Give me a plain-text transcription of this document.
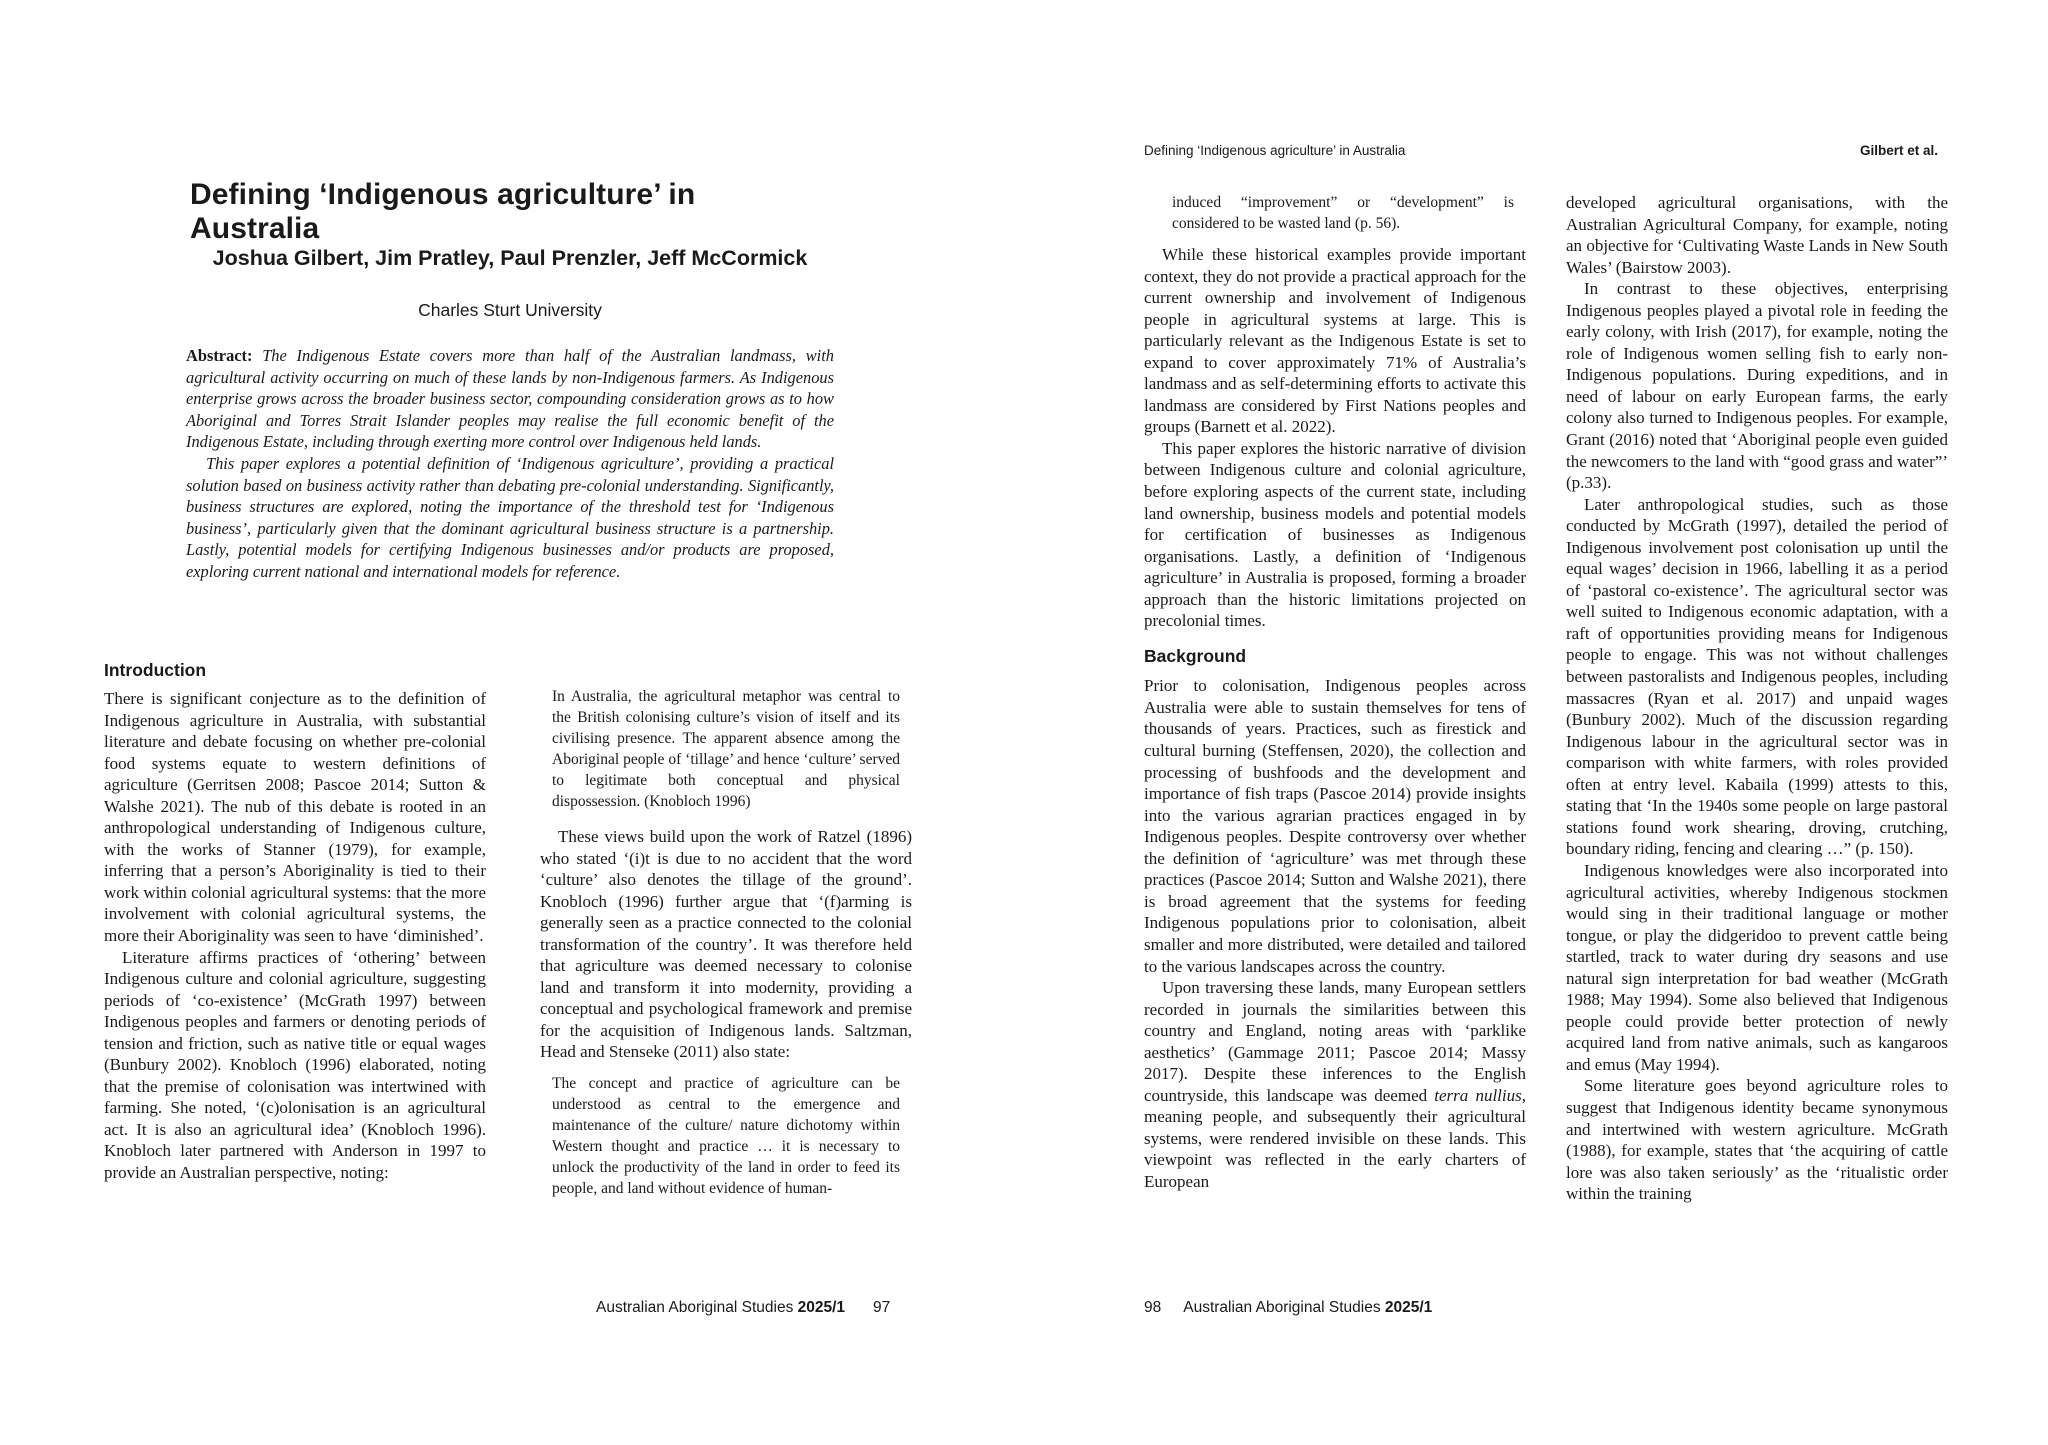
Defining ‘Indigenous agriculture’ in Australia
Joshua Gilbert, Jim Pratley, Paul Prenzler, Jeff McCormick
Charles Sturt University

Abstract: The Indigenous Estate covers more than half of the Australian landmass, with agricultural activity occurring on much of these lands by non-Indigenous farmers. As Indigenous enterprise grows across the broader business sector, compounding consideration grows as to how Aboriginal and Torres Strait Islander peoples may realise the full economic benefit of the Indigenous Estate, including through exerting more control over Indigenous held lands.

This paper explores a potential definition of ‘Indigenous agriculture’, providing a practical solution based on business activity rather than debating pre-colonial understanding. Significantly, business structures are explored, noting the importance of the threshold test for ‘Indigenous business’, particularly given that the dominant agricultural business structure is a partnership. Lastly, potential models for certifying Indigenous businesses and/or products are proposed, exploring current national and international models for reference.

Introduction

There is significant conjecture as to the definition of Indigenous agriculture in Australia, with substantial literature and debate focusing on whether pre-colonial food systems equate to western definitions of agriculture (Gerritsen 2008; Pascoe 2014; Sutton & Walshe 2021). The nub of this debate is rooted in an anthropological understanding of Indigenous culture, with the works of Stanner (1979), for example, inferring that a person’s Aboriginality is tied to their work within colonial agricultural systems: that the more involvement with colonial agricultural systems, the more their Aboriginality was seen to have ‘diminished’.

Literature affirms practices of ‘othering’ between Indigenous culture and colonial agriculture, suggesting periods of ‘co-existence’ (McGrath 1997) between Indigenous peoples and farmers or denoting periods of tension and friction, such as native title or equal wages (Bunbury 2002). Knobloch (1996) elaborated, noting that the premise of colonisation was intertwined with farming. She noted, ‘(c)olonisation is an agricultural act. It is also an agricultural idea’ (Knobloch 1996). Knobloch later partnered with Anderson in 1997 to provide an Australian perspective, noting:

In Australia, the agricultural metaphor was central to the British colonising culture’s vision of itself and its civilising presence. The apparent absence among the Aboriginal people of ‘tillage’ and hence ‘culture’ served to legitimate both conceptual and physical dispossession. (Knobloch 1996)

These views build upon the work of Ratzel (1896) who stated ‘(i)t is due to no accident that the word ‘culture’ also denotes the tillage of the ground’. Knobloch (1996) further argue that ‘(f)arming is generally seen as a practice connected to the colonial transformation of the country’. It was therefore held that agriculture was deemed necessary to colonise land and transform it into modernity, providing a conceptual and psychological framework and premise for the acquisition of Indigenous lands. Saltzman, Head and Stenseke (2011) also state:

The concept and practice of agriculture can be understood as central to the emergence and maintenance of the culture/ nature dichotomy within Western thought and practice … it is necessary to unlock the productivity of the land in order to feed its people, and land without evidence of human-
Australian Aboriginal Studies 2025/1 97
Defining ‘Indigenous agriculture’ in Australia	Gilbert et al.
induced “improvement” or “development” is considered to be wasted land (p. 56).

While these historical examples provide important context, they do not provide a practical approach for the current ownership and involvement of Indigenous people in agricultural systems at large. This is particularly relevant as the Indigenous Estate is set to expand to cover approximately 71% of Australia’s landmass and as self-determining efforts to activate this landmass are considered by First Nations peoples and groups (Barnett et al. 2022).

This paper explores the historic narrative of division between Indigenous culture and colonial agriculture, before exploring aspects of the current state, including land ownership, business models and potential models for certification of businesses as Indigenous organisations. Lastly, a definition of ‘Indigenous agriculture’ in Australia is proposed, forming a broader approach than the historic limitations projected on precolonial times.

Background

Prior to colonisation, Indigenous peoples across Australia were able to sustain themselves for tens of thousands of years. Practices, such as firestick and cultural burning (Steffensen, 2020), the collection and processing of bushfoods and the development and importance of fish traps (Pascoe 2014) provide insights into the various agrarian practices engaged in by Indigenous peoples. Despite controversy over whether the definition of ‘agriculture’ was met through these practices (Pascoe 2014; Sutton and Walshe 2021), there is broad agreement that the systems for feeding Indigenous populations prior to colonisation, albeit smaller and more distributed, were detailed and tailored to the various landscapes across the country.

Upon traversing these lands, many European settlers recorded in journals the similarities between this country and England, noting areas with ‘parklike aesthetics’ (Gammage 2011; Pascoe 2014; Massy 2017). Despite these inferences to the English countryside, this landscape was deemed terra nullius, meaning people, and subsequently their agricultural systems, were rendered invisible on these lands. This viewpoint was reflected in the early charters of European

developed agricultural organisations, with the Australian Agricultural Company, for example, noting an objective for ‘Cultivating Waste Lands in New South Wales’ (Bairstow 2003).

In contrast to these objectives, enterprising Indigenous peoples played a pivotal role in feeding the early colony, with Irish (2017), for example, noting the role of Indigenous women selling fish to early non-Indigenous populations. During expeditions, and in need of labour on early European farms, the early colony also turned to Indigenous peoples. For example, Grant (2016) noted that ‘Aboriginal people even guided the newcomers to the land with “good grass and water”’ (p.33).

Later anthropological studies, such as those conducted by McGrath (1997), detailed the period of Indigenous involvement post colonisation up until the equal wages’ decision in 1966, labelling it as a period of ‘pastoral co-existence’. The agricultural sector was well suited to Indigenous economic adaptation, with a raft of opportunities providing means for Indigenous people to engage. This was not without challenges between pastoralists and Indigenous peoples, including massacres (Ryan et al. 2017) and unpaid wages (Bunbury 2002). Much of the discussion regarding Indigenous labour in the agricultural sector was in comparison with white farmers, with roles provided often at entry level. Kabaila (1999) attests to this, stating that ‘In the 1940s some people on large pastoral stations found work shearing, droving, crutching, boundary riding, fencing and clearing …” (p. 150).

Indigenous knowledges were also incorporated into agricultural activities, whereby Indigenous stockmen would sing in their traditional language or mother tongue, or play the didgeridoo to prevent cattle being startled, track to water during dry seasons and use natural sign interpretation for bad weather (McGrath 1988; May 1994). Some also believed that Indigenous people could provide better protection of newly acquired land from native animals, such as kangaroos and emus (May 1994).

Some literature goes beyond agriculture roles to suggest that Indigenous identity became synonymous and intertwined with western agriculture. McGrath (1988), for example, states that ‘the acquiring of cattle lore was also taken seriously’ as the ‘ritualistic order within the training

98 Australian Aboriginal Studies 2025/1
